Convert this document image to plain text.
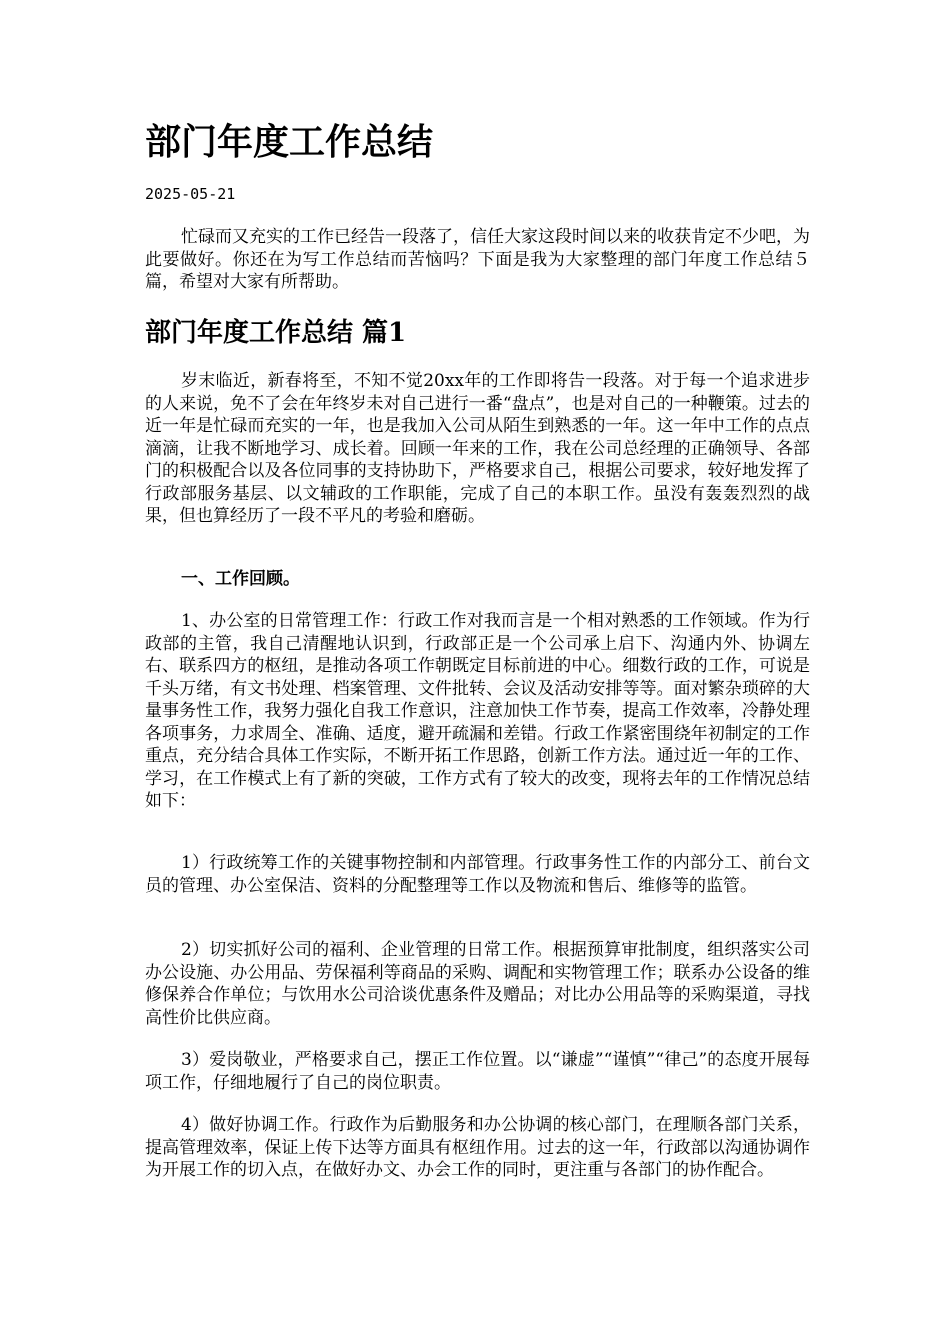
部门年度工作总结
2025-05-21

忙碌而又充实的工作已经告一段落了，信任大家这段时间以来的收获肯定不少吧，为此要做好。你还在为写工作总结而苦恼吗？下面是我为大家整理的部门年度工作总结５篇，希望对大家有所帮助。

部门年度工作总结 篇1

岁末临近，新春将至，不知不觉20xx年的工作即将告一段落。对于每一个追求进步的人来说，免不了会在年终岁未对自己进行一番“盘点”，也是对自己的一种鞭策。过去的近一年是忙碌而充实的一年，也是我加入公司从陌生到熟悉的一年。这一年中工作的点点滴滴，让我不断地学习、成长着。回顾一年来的工作，我在公司总经理的正确领导、各部门的积极配合以及各位同事的支持协助下，严格要求自己，根据公司要求，较好地发挥了行政部服务基层、以文辅政的工作职能，完成了自己的本职工作。虽没有轰轰烈烈的战果，但也算经历了一段不平凡的考验和磨砺。

一、工作回顾。

1、办公室的日常管理工作：行政工作对我而言是一个相对熟悉的工作领域。作为行政部的主管，我自己清醒地认识到，行政部正是一个公司承上启下、沟通内外、协调左右、联系四方的枢纽，是推动各项工作朝既定目标前进的中心。细数行政的工作，可说是千头万绪，有文书处理、档案管理、文件批转、会议及活动安排等等。面对繁杂琐碎的大量事务性工作，我努力强化自我工作意识，注意加快工作节奏，提高工作效率，冷静处理各项事务，力求周全、准确、适度，避开疏漏和差错。行政工作紧密围绕年初制定的工作重点，充分结合具体工作实际，不断开拓工作思路，创新工作方法。通过近一年的工作、学习，在工作模式上有了新的突破，工作方式有了较大的改变，现将去年的工作情况总结如下：

1）行政统筹工作的关键事物控制和内部管理。行政事务性工作的内部分工、前台文员的管理、办公室保洁、资料的分配整理等工作以及物流和售后、维修等的监管。

2）切实抓好公司的福利、企业管理的日常工作。根据预算审批制度，组织落实公司办公设施、办公用品、劳保福利等商品的采购、调配和实物管理工作；联系办公设备的维修保养合作单位；与饮用水公司洽谈优惠条件及赠品；对比办公用品等的采购渠道，寻找高性价比供应商。

3）爱岗敬业，严格要求自己，摆正工作位置。以“谦虚”“谨慎”“律己”的态度开展每项工作，仔细地履行了自己的岗位职责。

4）做好协调工作。行政作为后勤服务和办公协调的核心部门，在理顺各部门关系，提高管理效率，保证上传下达等方面具有枢纽作用。过去的这一年，行政部以沟通协调作为开展工作的切入点，在做好办文、办会工作的同时，更注重与各部门的协作配合。
